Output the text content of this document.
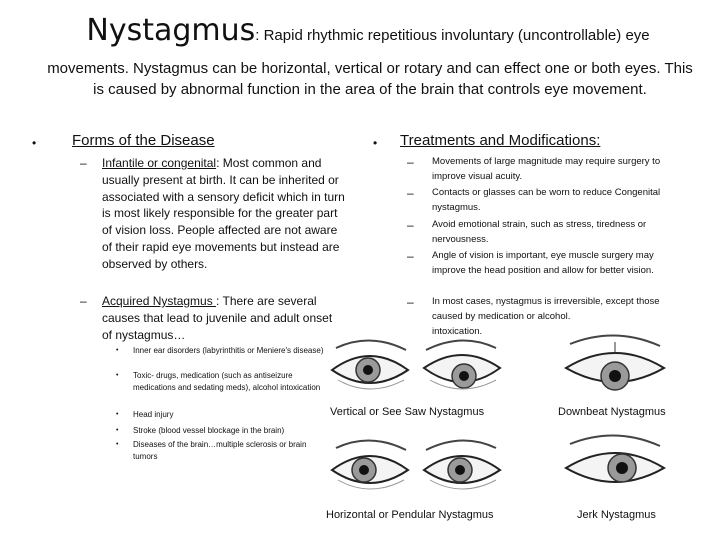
Nystagmus: Rapid rhythmic repetitious involuntary (uncontrollable) eye
movements. Nystagmus can be horizontal, vertical or rotary and can effect one or both eyes. This is caused by abnormal function in the area of the brain that controls eye movement.
• Forms of the Disease
– Infantile or congenital: Most common and usually present at birth. It can be inherited or associated with a sensory deficit which in turn is most likely responsible for the greater part of vision loss. People affected are not aware of their rapid eye movements but instead are observed by others.
– Acquired Nystagmus : There are several causes that lead to juvenile and adult onset of nystagmus…
• Inner ear disorders (labyrinthitis or Meniere's disease)
• Toxic- drugs, medication (such as antiseizure medications and sedating meds), alcohol intoxication
• Head injury
• Stroke (blood vessel blockage in the brain)
• Diseases of the brain…multiple sclerosis or brain tumors
• Treatments and Modifications:
– Movements of large magnitude may require surgery to improve visual acuity.
– Contacts or glasses can be worn to reduce Congenital nystagmus.
– Avoid emotional strain, such as stress, tiredness or nervousness.
– Angle of vision is important, eye muscle surgery may improve the head position and allow for better vision.
– In most cases, nystagmus is irreversible, except those caused by medication or alcohol.
intoxication.
Vertical or See Saw Nystagmus	Downbeat Nystagmus
Horizontal or Pendular Nystagmus	Jerk Nystagmus
